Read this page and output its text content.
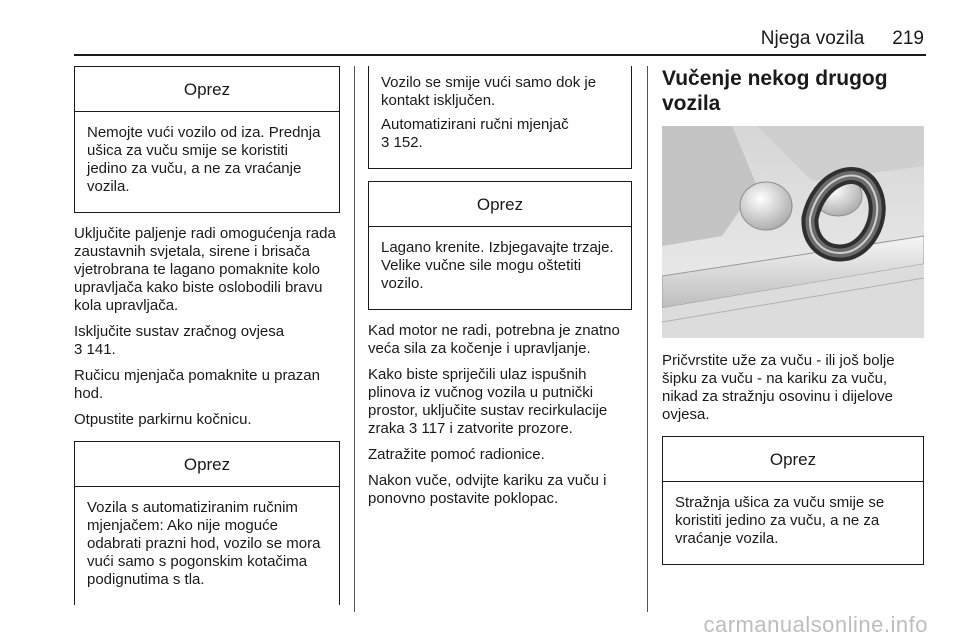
Njega vozila 219
Oprez

Nemojte vući vozilo od iza. Prednja ušica za vuču smije se koristiti jedino za vuču, a ne za vraćanje vozila.

Uključite paljenje radi omogućenja rada zaustavnih svjetala, sirene i brisača vjetrobrana te lagano pomaknite kolo upravljača kako biste oslobodili bravu kola upravljača.

Isključite sustav zračnog ovjesa
3 141.

Ručicu mjenjača pomaknite u prazan hod.

Otpustite parkirnu kočnicu.

Oprez

Vozila s automatiziranim ručnim mjenjačem: Ako nije moguće odabrati prazni hod, vozilo se mora vući samo s pogonskim kotačima podignutima s tla.

Vozilo se smije vući samo dok je kontakt isključen.

Automatizirani ručni mjenjač
3 152.

Oprez

Lagano krenite. Izbjegavajte trzaje. Velike vučne sile mogu oštetiti vozilo.

Kad motor ne radi, potrebna je znatno veća sila za kočenje i upravljanje.

Kako biste spriječili ulaz ispušnih plinova iz vučnog vozila u putnički prostor, uključite sustav recirkulacije zraka 3 117 i zatvorite prozore.

Zatražite pomoć radionice.

Nakon vuče, odvijte kariku za vuču i ponovno postavite poklopac.

Vučenje nekog drugog vozila

Pričvrstite uže za vuču - ili još bolje šipku za vuču - na kariku za vuču, nikad za stražnju osovinu i dijelove ovjesa.

Oprez

Stražnja ušica za vuču smije se koristiti jedino za vuču, a ne za vraćanje vozila.

carmanualsonline.info
